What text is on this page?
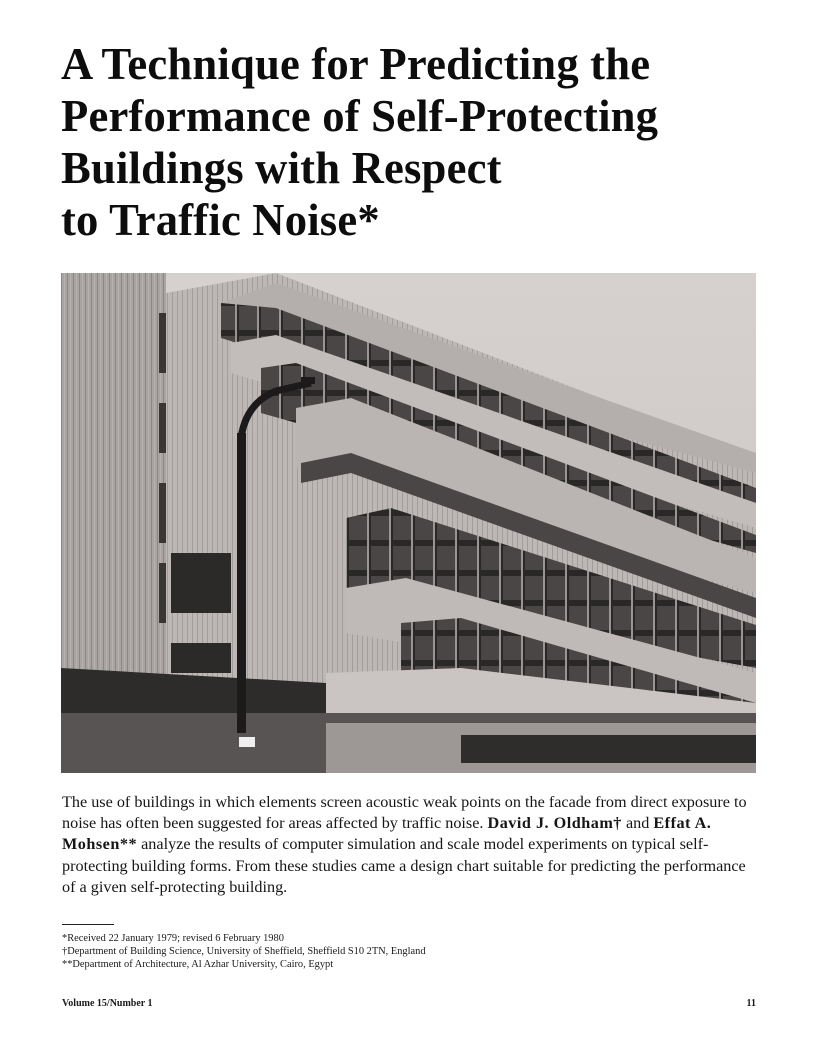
A Technique for Predicting the
Performance of Self-Protecting
Buildings with Respect
to Traffic Noise*

The use of buildings in which elements screen acoustic weak points on the facade from direct exposure to noise has often been suggested for areas affected by traffic noise. David J. Oldham† and Effat A. Mohsen** analyze the results of computer simulation and scale model experiments on typical self-protecting building forms. From these studies came a design chart suitable for predicting the performance of a given self-protecting building.

*Received 22 January 1979; revised 6 February 1980
†Department of Building Science, University of Sheffield, Sheffield S10 2TN, England
**Department of Architecture, Al Azhar University, Cairo, Egypt
Volume 15/Number 1	11
